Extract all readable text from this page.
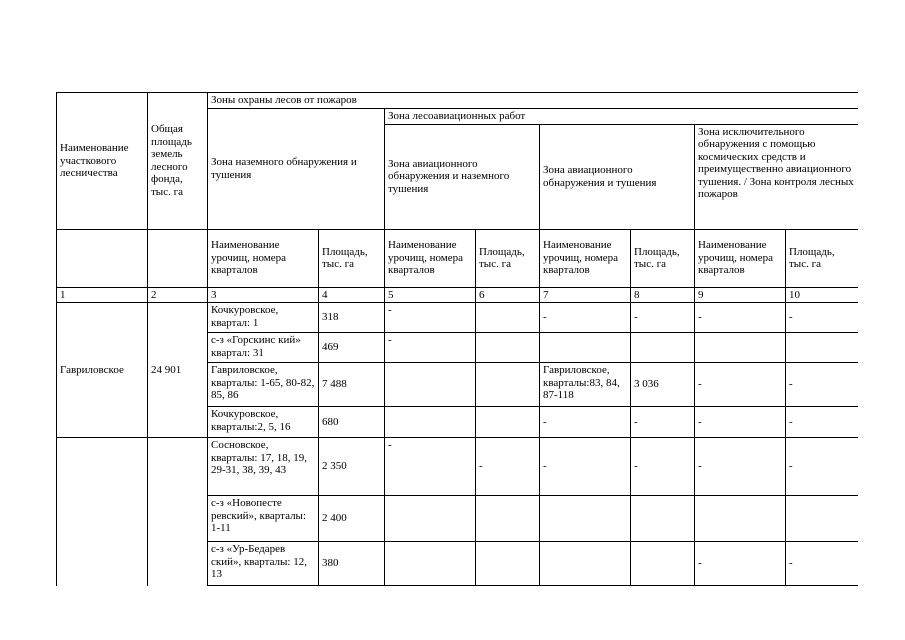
Наименование участкового лесничества	Общая площадь земель лесного фонда, тыс. га	Зоны охраны лесов от пожаров							
		Зона наземного обнаружения и тушения		Зона лесоавиационных работ					
				Зона авиационного обнаружения и наземного тушения		Зона авиационного обнаружения и тушения		Зона исключительного обнаружения с помощью космических средств и преимущественно авиационного тушения. / Зона контроля лесных пожаров	
		Наименование урочищ, номера кварталов	Площадь, тыс. га	Наименование урочищ, номера кварталов	Площадь, тыс. га	Наименование урочищ, номера кварталов	Площадь, тыс. га	Наименование урочищ, номера кварталов	Площадь, тыс. га
1	2	3	4	5	6	7	8	9	10
Гавриловское	24 901	Кочкуровское, квартал: 1	318	-		-	-	-	-
		с-з «Горскинс кий» квартал: 31	469	-					
		Гавриловское, кварталы: 1-65, 80-82, 85, 86	7 488			Гавриловское, кварталы:83, 84, 87-118	3 036	-	-
		Кочкуровское, кварталы:2, 5, 16	680			-	-	-	-
		Сосновское, кварталы: 17, 18, 19, 29-31, 38, 39, 43	2 350	-	-	-	-	-	-
		с-з «Новопесте ревский», кварталы: 1-11	2 400						
		с-з «Ур-Бедарев ский», кварталы: 12, 13	380					-	-
